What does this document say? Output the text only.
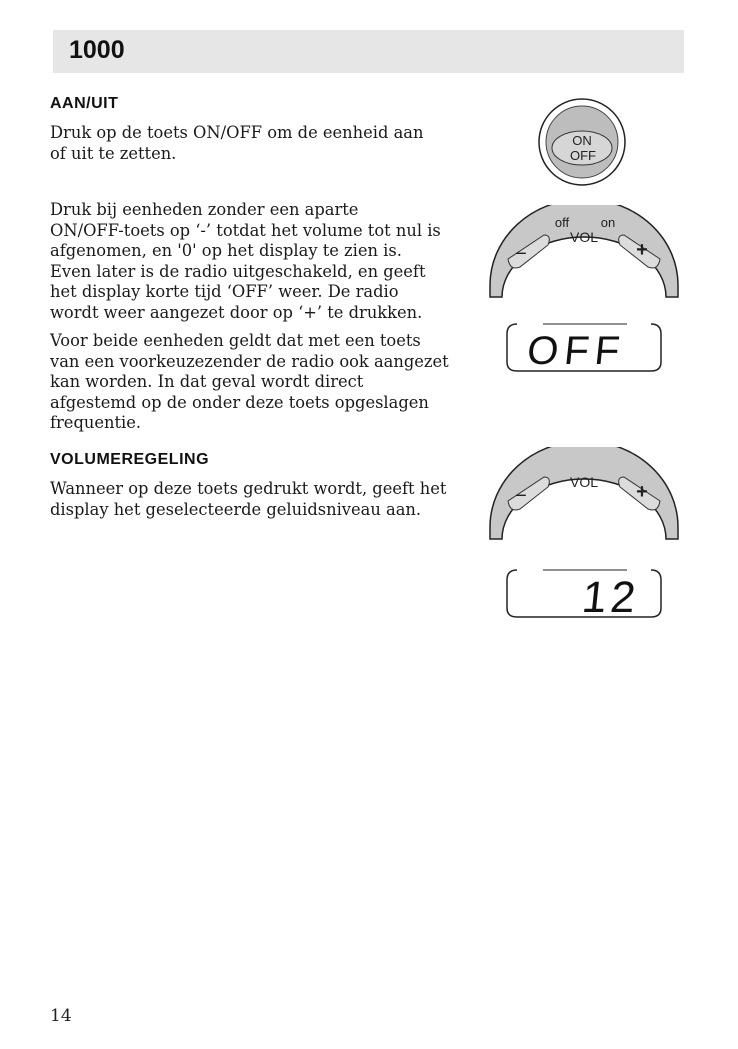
1000
AAN/UIT
Druk op de toets ON/OFF om de eenheid aan
of uit te zetten.
Druk bij eenheden zonder een aparte
ON/OFF-toets op ‘-’ totdat het volume tot nul is
afgenomen, en '0' op het display te zien is.
Even later is de radio uitgeschakeld, en geeft
het display korte tijd ‘OFF’ weer. De radio
wordt weer aangezet door op ‘+’ te drukken.
Voor beide eenheden geldt dat met een toets
van een voorkeuzezender de radio ook aangezet
kan worden. In dat geval wordt direct
afgestemd op de onder deze toets opgeslagen
frequentie.
VOLUMEREGELING
Wanneer op deze toets gedrukt wordt, geeft het
display het geselecteerde geluidsniveau aan.
ON
OFF
−	+
off on
VOL
OFF
−	+
VOL
12
14
